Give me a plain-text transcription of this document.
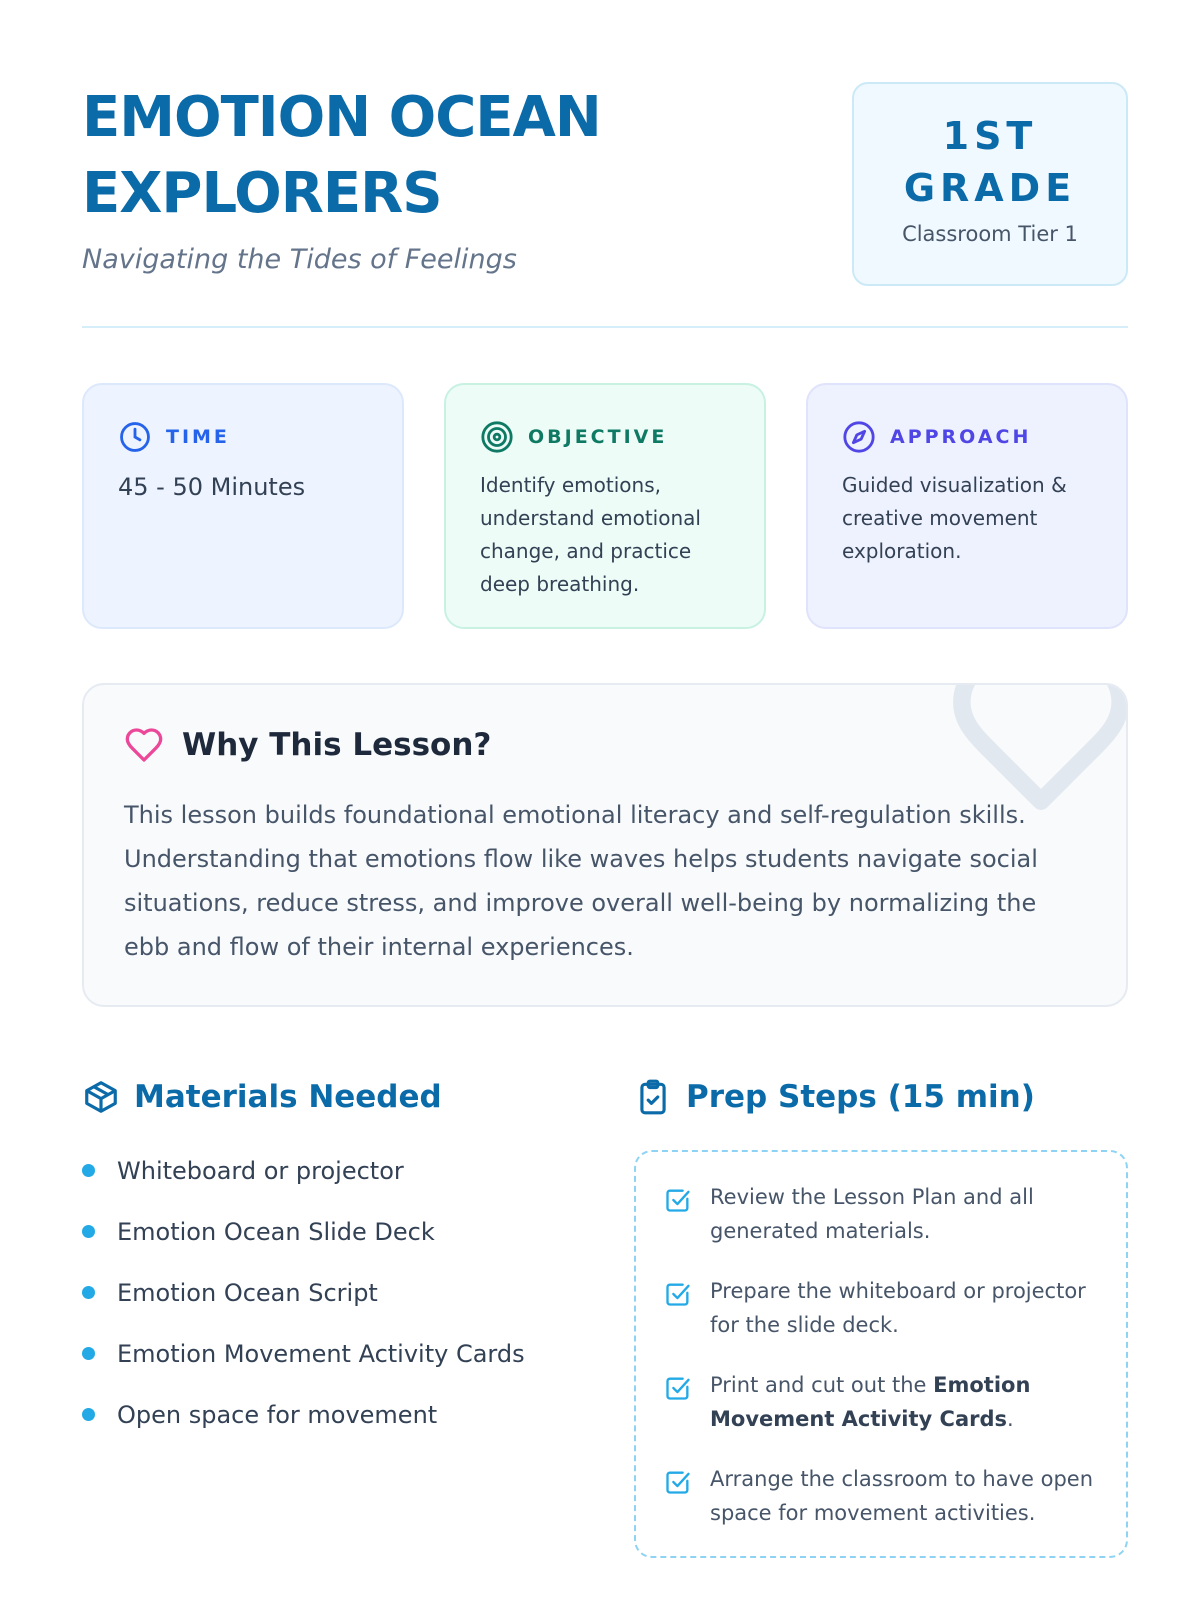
EMOTION OCEAN
EXPLORERS
Navigating the Tides of Feelings
1ST
GRADE
Classroom Tier 1
TIME
45 - 50 Minutes
OBJECTIVE
Identify emotions, understand emotional change, and practice deep breathing.
APPROACH
Guided visualization & creative movement exploration.
Why This Lesson?

This lesson builds foundational emotional literacy and self-regulation skills. Understanding that emotions flow like waves helps students navigate social situations, reduce stress, and improve overall well-being by normalizing the ebb and flow of their internal experiences.

Materials Needed
Whiteboard or projector
Emotion Ocean Slide Deck
Emotion Ocean Script
Emotion Movement Activity Cards
Open space for movement
Prep Steps (15 min)

Review the Lesson Plan and all generated materials.

Prepare the whiteboard or projector for the slide deck.

Print and cut out the Emotion Movement Activity Cards.

Arrange the classroom to have open space for movement activities.
